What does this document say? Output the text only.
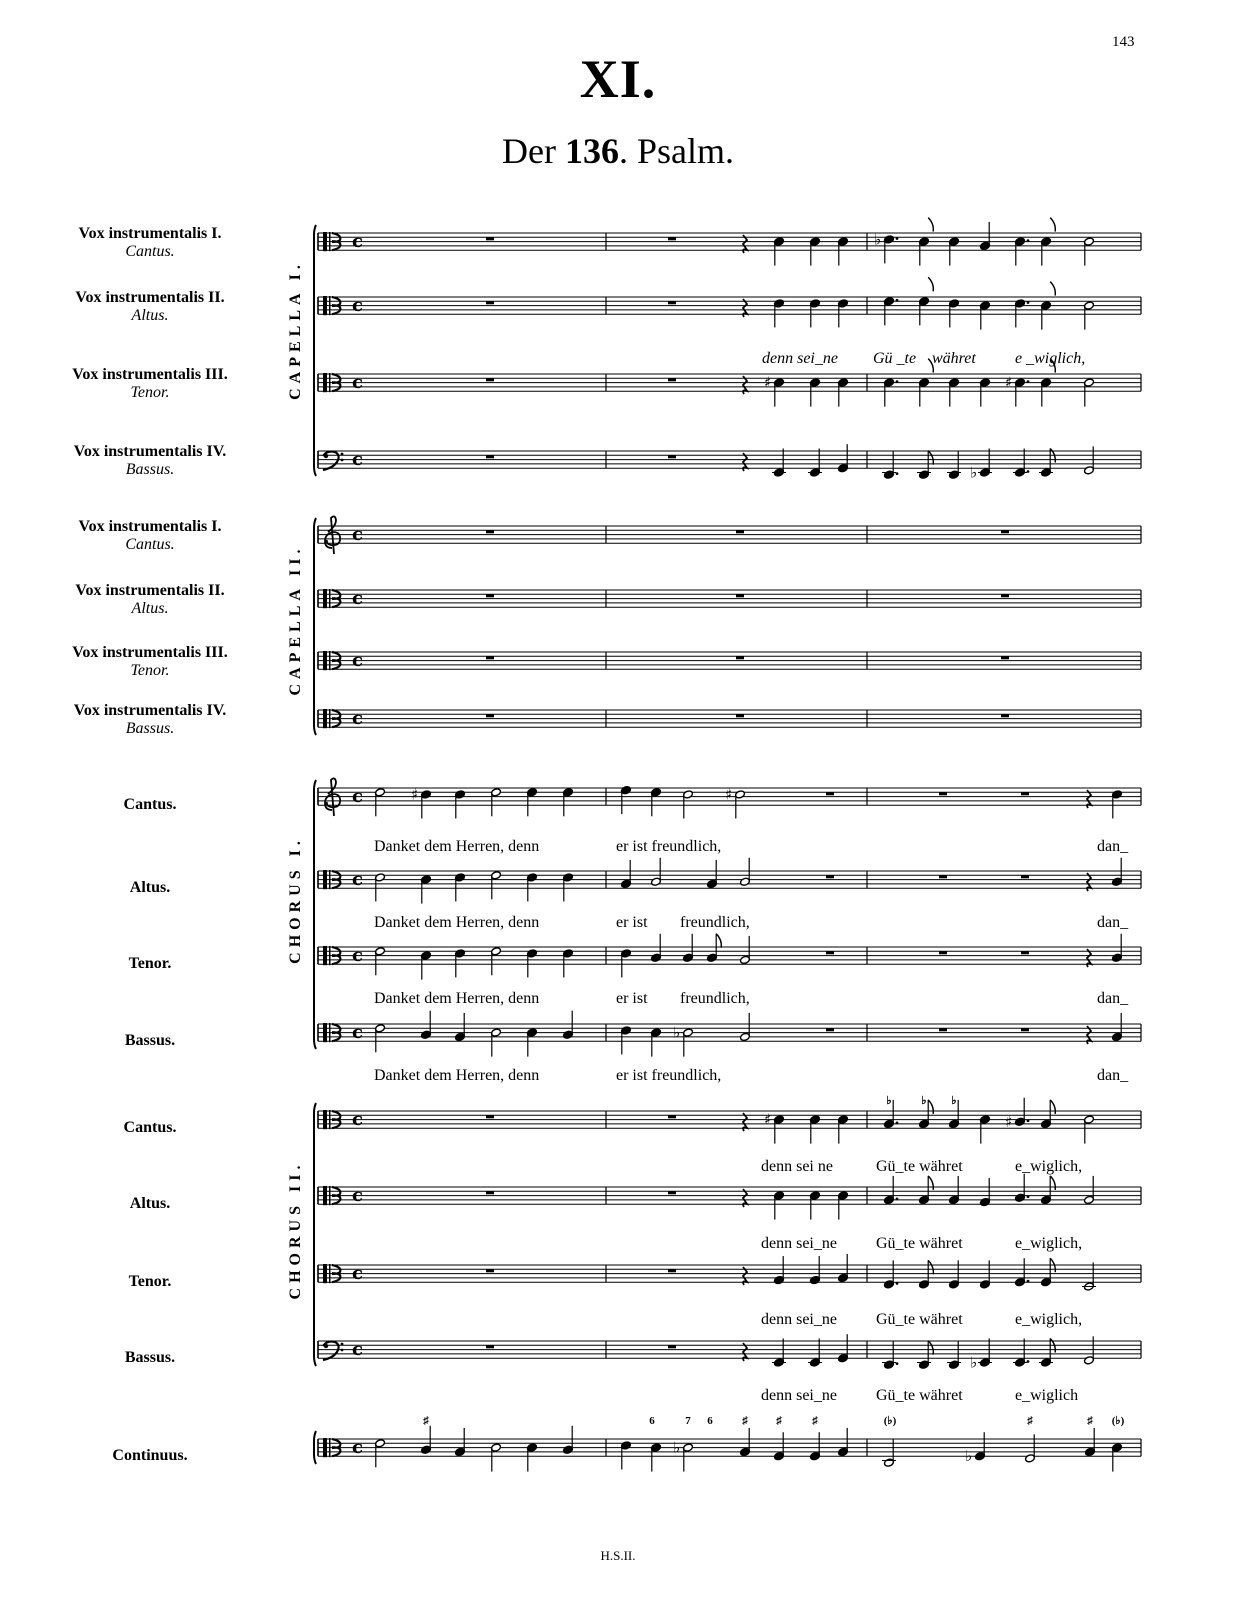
143
XI.
Der 136. Psalm.
Vox instrumentalis I.
Cantus.
Vox instrumentalis II.
Altus.
Vox instrumentalis III.
Tenor.
Vox instrumentalis IV.
Bassus.
Vox instrumentalis I.
Cantus.
Vox instrumentalis II.
Altus.
Vox instrumentalis III.
Tenor.
Vox instrumentalis IV.
Bassus.
Cantus.
Altus.
Tenor.
Bassus.
Cantus.
Altus.
Tenor.
Bassus.
Continuus.
c
c
c
c
c
c
c
c
c
c
c
c
c
c
c
c
c
CAPELLA I.
CAPELLA II.
CHORUS I.
CHORUS II.
♭
♯	♯
♭
♯	♯
♭
♯	♯
♭
♭	♭
denn sei_ne Gü _te währet e _wiglich,
Danket dem Herren, denn	er ist freundlich,	dan_
Danket dem Herren, denn	er ist freundlich,	dan_
Danket dem Herren, denn	er ist freundlich,	dan_
Danket dem Herren, denn	er ist freundlich,	dan_
denn sei ne	Gü_te währet	e_wiglich,
denn sei_ne Gü_te währet	e_wiglich,
denn sei_ne Gü_te währet	e_wiglich,
denn sei_ne Gü_te währet	e_wiglich
♯	6	7 6	♯	♯	♯	(♭)	♯	♯ (♭)
♭	♭ ♭
H.S.II.
